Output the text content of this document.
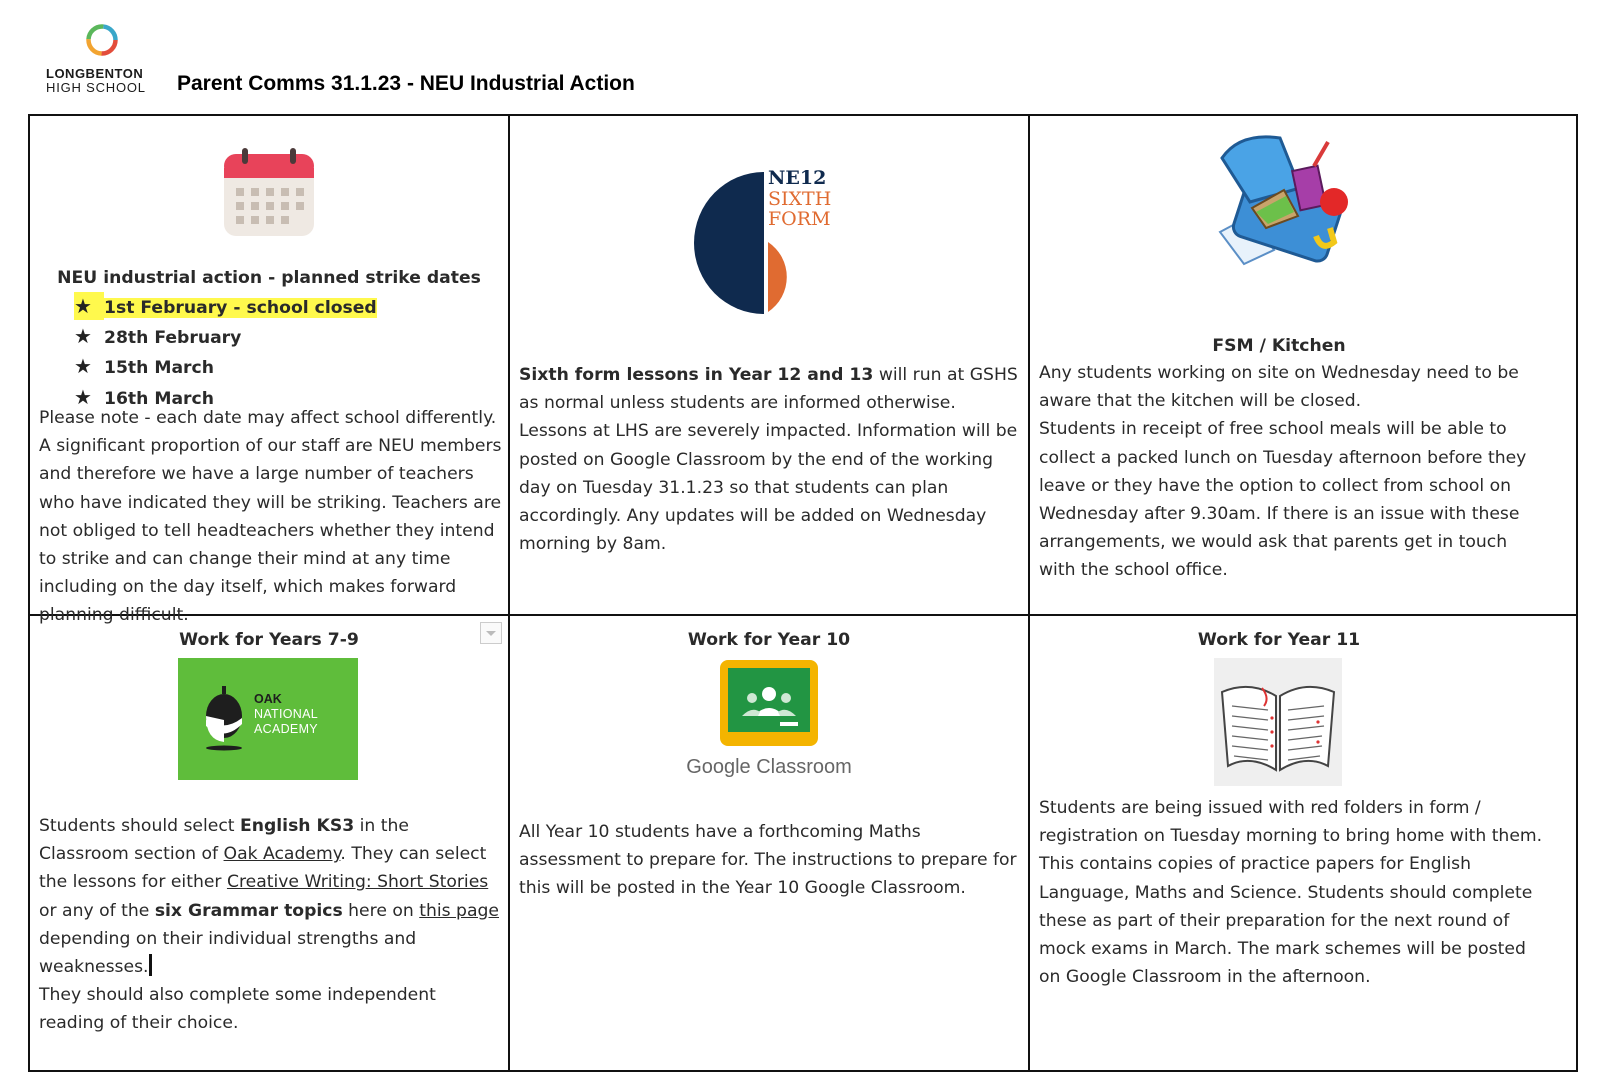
LONGBENTON
HIGH SCHOOL Parent Comms 31.1.23 - NEU Industrial Action
NEU industrial action - planned strike dates
★ 1st February - school closed
★ 28th February
★ 15th March
★ 16th March
Please note - each date may affect school differently. A significant proportion of our staff are NEU members and therefore we have a large number of teachers who have indicated they will be striking. Teachers are not obliged to tell headteachers whether they intend to strike and can change their mind at any time including on the day itself, which makes forward planning difficult.
NE12
SIXTH
FORM
Sixth form lessons in Year 12 and 13 will run at GSHS as normal unless students are informed otherwise.
Lessons at LHS are severely impacted. Information will be posted on Google Classroom by the end of the working day on Tuesday 31.1.23 so that students can plan accordingly. Any updates will be added on Wednesday morning by 8am.
FSM / Kitchen
Any students working on site on Wednesday need to be aware that the kitchen will be closed.
Students in receipt of free school meals will be able to collect a packed lunch on Tuesday afternoon before they leave or they have the option to collect from school on Wednesday after 9.30am. If there is an issue with these arrangements, we would ask that parents get in touch with the school office.
Work for Years 7-9
OAK
NATIONAL
ACADEMY
Students should select English KS3 in the Classroom section of Oak Academy. They can select the lessons for either Creative Writing: Short Stories or any of the six Grammar topics here on this page depending on their individual strengths and weaknesses.
They should also complete some independent reading of their choice.
Work for Year 10
Google Classroom
All Year 10 students have a forthcoming Maths assessment to prepare for. The instructions to prepare for this will be posted in the Year 10 Google Classroom.
Work for Year 11
Students are being issued with red folders in form / registration on Tuesday morning to bring home with them. This contains copies of practice papers for English Language, Maths and Science. Students should complete these as part of their preparation for the next round of mock exams in March. The mark schemes will be posted on Google Classroom in the afternoon.
